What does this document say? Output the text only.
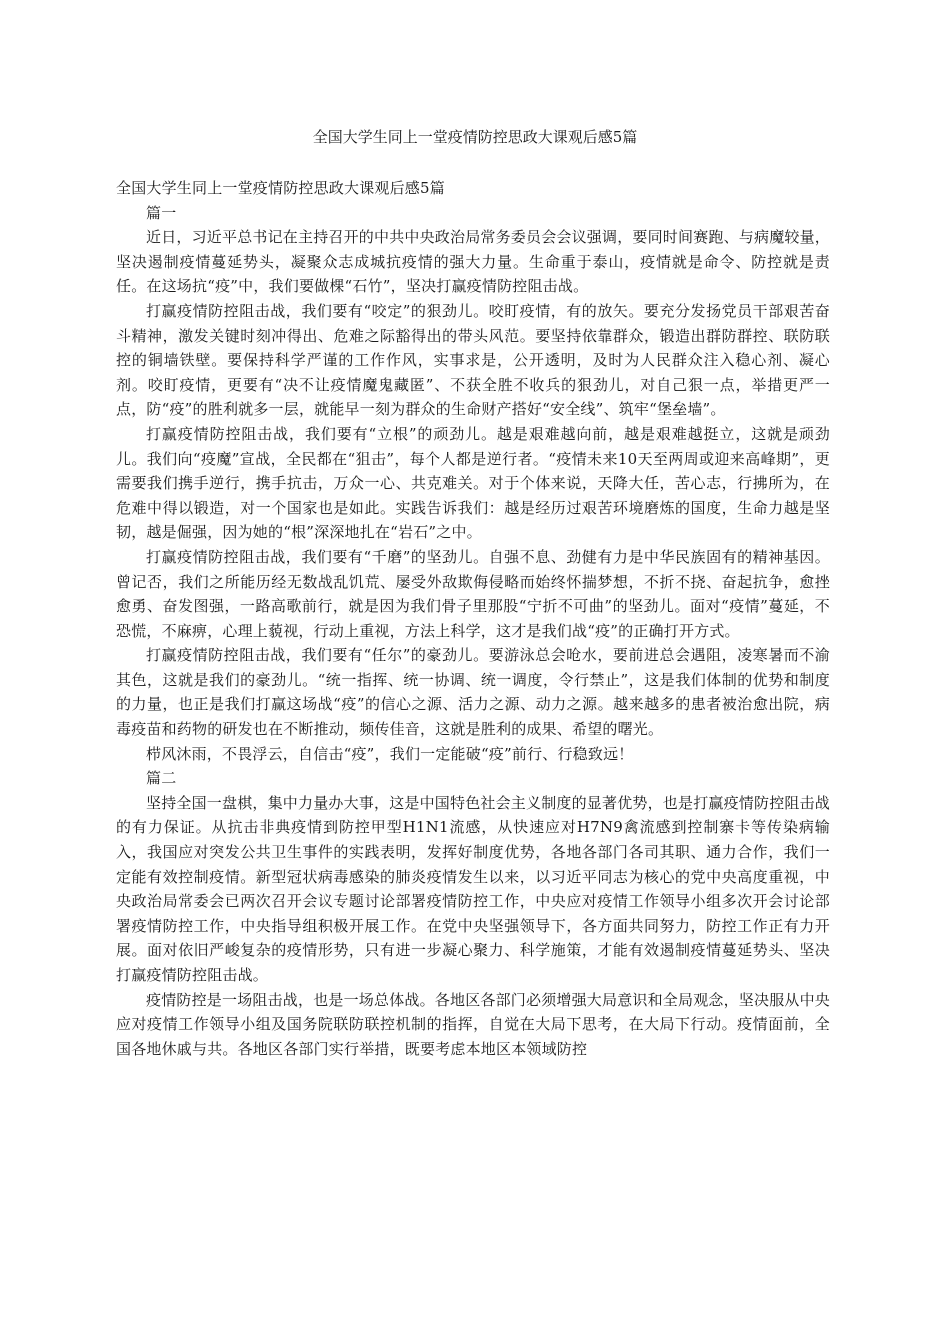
全国大学生同上一堂疫情防控思政大课观后感5篇

全国大学生同上一堂疫情防控思政大课观后感5篇

篇一

近日，习近平总书记在主持召开的中共中央政治局常务委员会会议强调，要同时间赛跑、与病魔较量，坚决遏制疫情蔓延势头，凝聚众志成城抗疫情的强大力量。生命重于泰山，疫情就是命令、防控就是责任。在这场抗“疫”中，我们要做棵“石竹”，坚决打赢疫情防控阻击战。

打赢疫情防控阻击战，我们要有“咬定”的狠劲儿。咬盯疫情，有的放矢。要充分发扬党员干部艰苦奋斗精神，激发关键时刻冲得出、危难之际豁得出的带头风范。要坚持依靠群众，锻造出群防群控、联防联控的铜墙铁壁。要保持科学严谨的工作作风，实事求是，公开透明，及时为人民群众注入稳心剂、凝心剂。咬盯疫情，更要有“决不让疫情魔鬼藏匿”、不获全胜不收兵的狠劲儿，对自己狠一点，举措更严一点，防“疫”的胜利就多一层，就能早一刻为群众的生命财产搭好“安全线”、筑牢“堡垒墙”。

打赢疫情防控阻击战，我们要有“立根”的顽劲儿。越是艰难越向前，越是艰难越挺立，这就是顽劲儿。我们向“疫魔”宣战，全民都在“狙击”，每个人都是逆行者。“疫情未来10天至两周或迎来高峰期”，更需要我们携手逆行，携手抗击，万众一心、共克难关。对于个体来说，天降大任，苦心志，行拂所为，在危难中得以锻造，对一个国家也是如此。实践告诉我们：越是经历过艰苦环境磨炼的国度，生命力越是坚韧，越是倔强，因为她的“根”深深地扎在“岩石”之中。

打赢疫情防控阻击战，我们要有“千磨”的坚劲儿。自强不息、劲健有力是中华民族固有的精神基因。曾记否，我们之所能历经无数战乱饥荒、屡受外敌欺侮侵略而始终怀揣梦想，不折不挠、奋起抗争，愈挫愈勇、奋发图强，一路高歌前行，就是因为我们骨子里那股“宁折不可曲”的坚劲儿。面对“疫情”蔓延，不恐慌，不麻痹，心理上藐视，行动上重视，方法上科学，这才是我们战“疫”的正确打开方式。

打赢疫情防控阻击战，我们要有“任尔”的豪劲儿。要游泳总会呛水，要前进总会遇阻，凌寒暑而不渝其色，这就是我们的豪劲儿。“统一指挥、统一协调、统一调度，令行禁止”，这是我们体制的优势和制度的力量，也正是我们打赢这场战“疫”的信心之源、活力之源、动力之源。越来越多的患者被治愈出院，病毒疫苗和药物的研发也在不断推动，频传佳音，这就是胜利的成果、希望的曙光。

栉风沐雨，不畏浮云，自信击“疫”，我们一定能破“疫”前行、行稳致远！

篇二

坚持全国一盘棋，集中力量办大事，这是中国特色社会主义制度的显著优势，也是打赢疫情防控阻击战的有力保证。从抗击非典疫情到防控甲型H1N1流感，从快速应对H7N9禽流感到控制寨卡等传染病输入，我国应对突发公共卫生事件的实践表明，发挥好制度优势，各地各部门各司其职、通力合作，我们一定能有效控制疫情。新型冠状病毒感染的肺炎疫情发生以来，以习近平同志为核心的党中央高度重视，中央政治局常委会已两次召开会议专题讨论部署疫情防控工作，中央应对疫情工作领导小组多次开会讨论部署疫情防控工作，中央指导组积极开展工作。在党中央坚强领导下，各方面共同努力，防控工作正有力开展。面对依旧严峻复杂的疫情形势，只有进一步凝心聚力、科学施策，才能有效遏制疫情蔓延势头、坚决打赢疫情防控阻击战。

疫情防控是一场阻击战，也是一场总体战。各地区各部门必须增强大局意识和全局观念，坚决服从中央应对疫情工作领导小组及国务院联防联控机制的指挥，自觉在大局下思考，在大局下行动。疫情面前，全国各地休戚与共。各地区各部门实行举措，既要考虑本地区本领域防控
